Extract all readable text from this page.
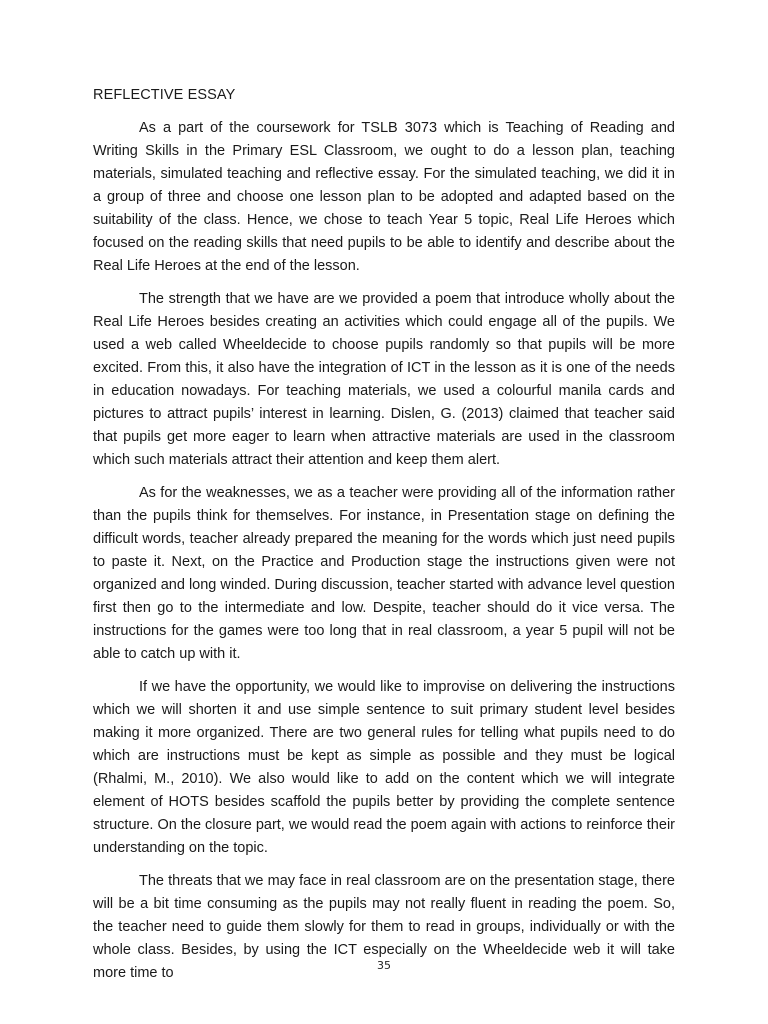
REFLECTIVE ESSAY

As a part of the coursework for TSLB 3073 which is Teaching of Reading and Writing Skills in the Primary ESL Classroom, we ought to do a lesson plan, teaching materials, simulated teaching and reflective essay. For the simulated teaching, we did it in a group of three and choose one lesson plan to be adopted and adapted based on the suitability of the class. Hence, we chose to teach Year 5 topic, Real Life Heroes which focused on the reading skills that need pupils to be able to identify and describe about the Real Life Heroes at the end of the lesson.

The strength that we have are we provided a poem that introduce wholly about the Real Life Heroes besides creating an activities which could engage all of the pupils. We used a web called Wheeldecide to choose pupils randomly so that pupils will be more excited. From this, it also have the integration of ICT in the lesson as it is one of the needs in education nowadays. For teaching materials, we used a colourful manila cards and pictures to attract pupils’ interest in learning. Dislen, G. (2013) claimed that teacher said that pupils get more eager to learn when attractive materials are used in the classroom which such materials attract their attention and keep them alert.

As for the weaknesses, we as a teacher were providing all of the information rather than the pupils think for themselves. For instance, in Presentation stage on defining the difficult words, teacher already prepared the meaning for the words which just need pupils to paste it. Next, on the Practice and Production stage the instructions given were not organized and long winded. During discussion, teacher started with advance level question first then go to the intermediate and low. Despite, teacher should do it vice versa. The instructions for the games were too long that in real classroom, a year 5 pupil will not be able to catch up with it.

If we have the opportunity, we would like to improvise on delivering the instructions which we will shorten it and use simple sentence to suit primary student level besides making it more organized. There are two general rules for telling what pupils need to do which are instructions must be kept as simple as possible and they must be logical (Rhalmi, M., 2010). We also would like to add on the content which we will integrate element of HOTS besides scaffold the pupils better by providing the complete sentence structure. On the closure part, we would read the poem again with actions to reinforce their understanding on the topic.

The threats that we may face in real classroom are on the presentation stage, there will be a bit time consuming as the pupils may not really fluent in reading the poem. So, the teacher need to guide them slowly for them to read in groups, individually or with the whole class. Besides, by using the ICT especially on the Wheeldecide web it will take more time to	35
